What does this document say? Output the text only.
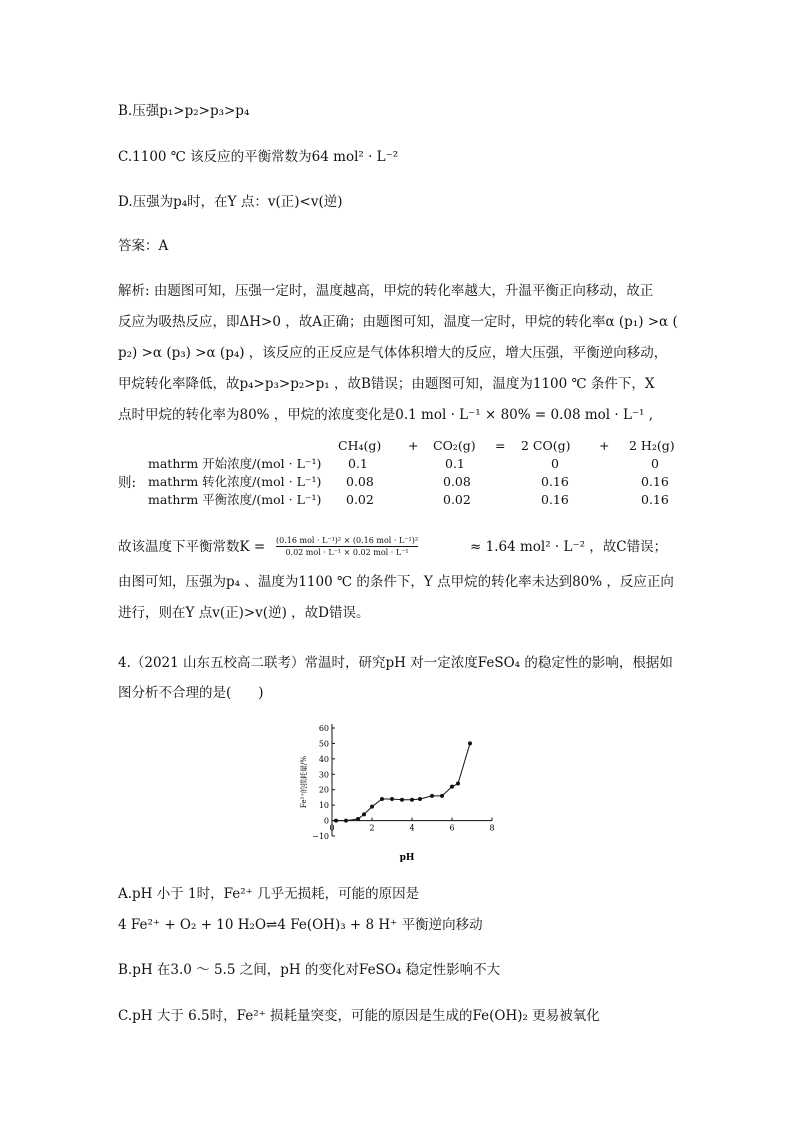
B.压强p₁>p₂>p₃>p₄
C.1100 ℃ 该反应的平衡常数为64 mol² · L⁻²
D.压强为p₄时，在Y 点：v(正)<v(逆)
答案：A
解析: 由题图可知，压强一定时，温度越高，甲烷的转化率越大，升温平衡正向移动，故正
反应为吸热反应，即ΔH>0 ，故A正确；由题图可知，温度一定时，甲烷的转化率α (p₁) >α (
p₂) >α (p₃) >α (p₄) ，该反应的正反应是气体体积增大的反应，增大压强，平衡逆向移动，
甲烷转化率降低，故p₄>p₃>p₂>p₁ ，故B错误；由题图可知，温度为1100 ℃ 条件下，X
点时甲烷的转化率为80% ，甲烷的浓度变化是0.1 mol · L⁻¹ × 80% = 0.08 mol · L⁻¹ ,
		CH₄(g)	+	CO₂(g)	=	2 CO(g)	+	2 H₂(g)
则:	mathrm 开始浓度/(mol · L⁻¹)	0.1		0.1		0		0
	mathrm 转化浓度/(mol · L⁻¹)	0.08		0.08		0.16		0.16
	mathrm 平衡浓度/(mol · L⁻¹)	0.02		0.02		0.16		0.16
故该温度下平衡常数K = (0.16 mol · L⁻¹)² × (0.16 mol · L⁻¹)²
0.02 mol · L⁻¹ × 0.02 mol · L⁻¹	≈ 1.64 mol² · L⁻² ，故C错误；
由图可知，压强为p₄ 、温度为1100 ℃ 的条件下，Y 点甲烷的转化率未达到80% ，反应正向
进行，则在Y 点v(正)>v(逆) ，故D错误。
4.（2021 山东五校高二联考）常温时，研究pH 对一定浓度FeSO₄ 的稳定性的影响，根据如
图分析不合理的是(　　)
−10
0
10
20
30
40
50
60
0	2	4	6	8
pH
Fe²⁺的损耗量/%
A.pH 小于 1时，Fe²⁺ 几乎无损耗，可能的原因是
4 Fe²⁺ + O₂ + 10 H₂O⇌4 Fe(OH)₃ + 8 H⁺ 平衡逆向移动
B.pH 在3.0 ～ 5.5 之间，pH 的变化对FeSO₄ 稳定性影响不大
C.pH 大于 6.5时，Fe²⁺ 损耗量突变，可能的原因是生成的Fe(OH)₂ 更易被氧化
